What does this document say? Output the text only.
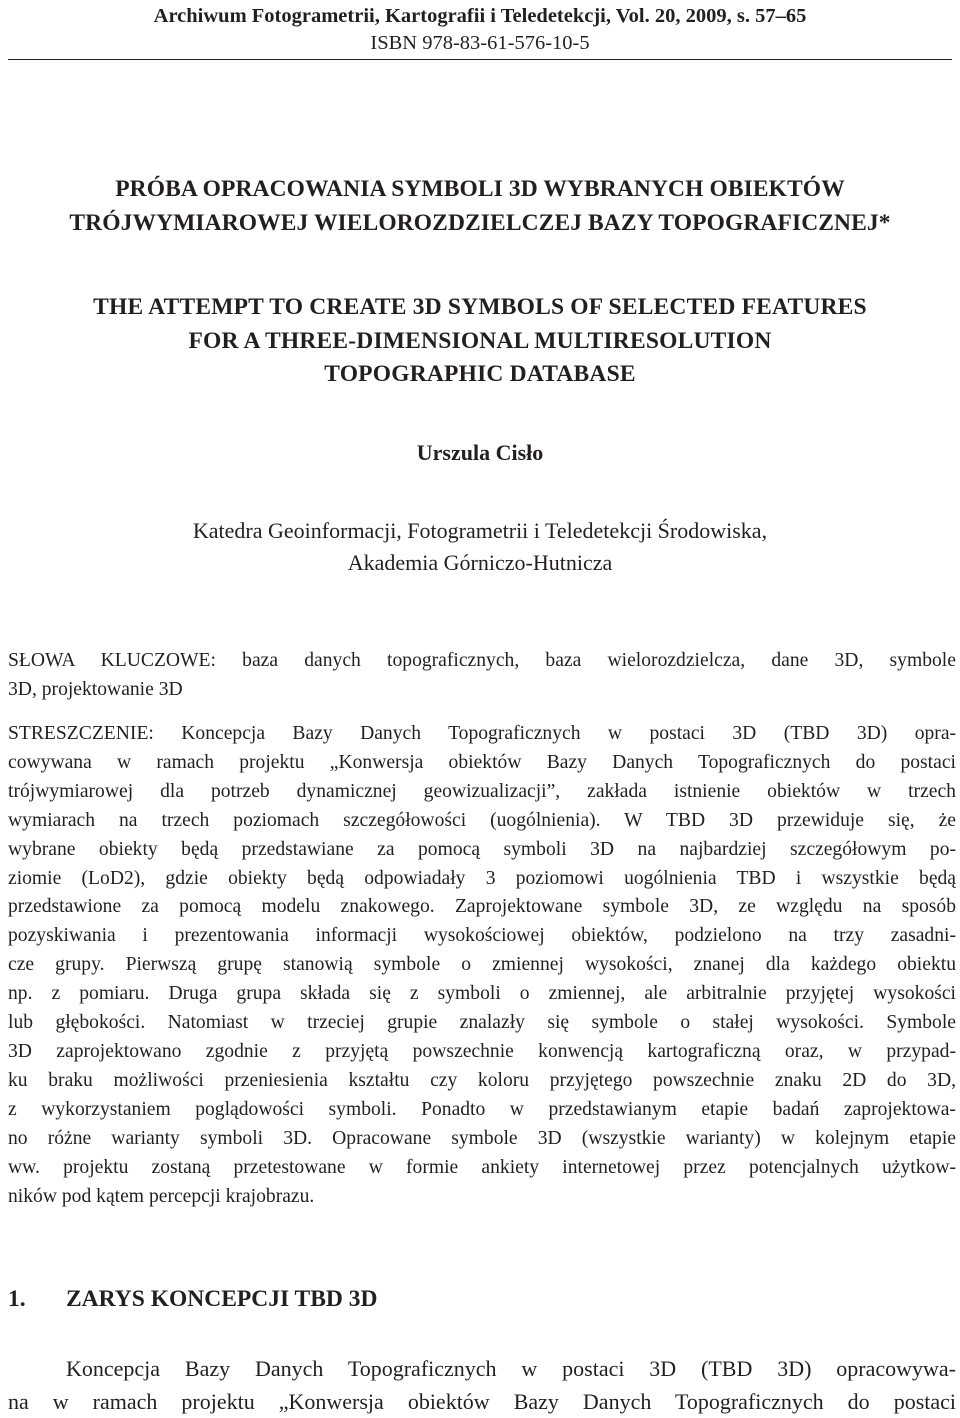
Archiwum Fotogrametrii, Kartografii i Teledetekcji, Vol. 20, 2009, s. 57–65
ISBN 978-83-61-576-10-5
PRÓBA OPRACOWANIA SYMBOLI 3D WYBRANYCH OBIEKTÓW
TRÓJWYMIAROWEJ WIELOROZDZIELCZEJ BAZY TOPOGRAFICZNEJ*
THE ATTEMPT TO CREATE 3D SYMBOLS OF SELECTED FEATURES
FOR A THREE-DIMENSIONAL MULTIRESOLUTION
TOPOGRAPHIC DATABASE
Urszula Cisło
Katedra Geoinformacji, Fotogrametrii i Teledetekcji Środowiska,
Akademia Górniczo-Hutnicza
SŁOWA KLUCZOWE: baza danych topograficznych, baza wielorozdzielcza, dane 3D, symbole
3D, projektowanie 3D
STRESZCZENIE: Koncepcja Bazy Danych Topograficznych w postaci 3D (TBD 3D) opra-
cowywana w ramach projektu „Konwersja obiektów Bazy Danych Topograficznych do postaci
trójwymiarowej dla potrzeb dynamicznej geowizualizacji”, zakłada istnienie obiektów w trzech
wymiarach na trzech poziomach szczegółowości (uogólnienia). W TBD 3D przewiduje się, że
wybrane obiekty będą przedstawiane za pomocą symboli 3D na najbardziej szczegółowym po-
ziomie (LoD2), gdzie obiekty będą odpowiadały 3 poziomowi uogólnienia TBD i wszystkie będą
przedstawione za pomocą modelu znakowego. Zaprojektowane symbole 3D, ze względu na sposób
pozyskiwania i prezentowania informacji wysokościowej obiektów, podzielono na trzy zasadni-
cze grupy. Pierwszą grupę stanowią symbole o zmiennej wysokości, znanej dla każdego obiektu
np. z pomiaru. Druga grupa składa się z symboli o zmiennej, ale arbitralnie przyjętej wysokości
lub głębokości. Natomiast w trzeciej grupie znalazły się symbole o stałej wysokości. Symbole
3D zaprojektowano zgodnie z przyjętą powszechnie konwencją kartograficzną oraz, w przypad-
ku braku możliwości przeniesienia kształtu czy koloru przyjętego powszechnie znaku 2D do 3D,
z wykorzystaniem poglądowości symboli. Ponadto w przedstawianym etapie badań zaprojektowa-
no różne warianty symboli 3D. Opracowane symbole 3D (wszystkie warianty) w kolejnym etapie
ww. projektu zostaną przetestowane w formie ankiety internetowej przez potencjalnych użytkow-
ników pod kątem percepcji krajobrazu.
1. ZARYS KONCEPCJI TBD 3D
Koncepcja Bazy Danych Topograficznych w postaci 3D (TBD 3D) opracowywa-
na w ramach projektu „Konwersja obiektów Bazy Danych Topograficznych do postaci
